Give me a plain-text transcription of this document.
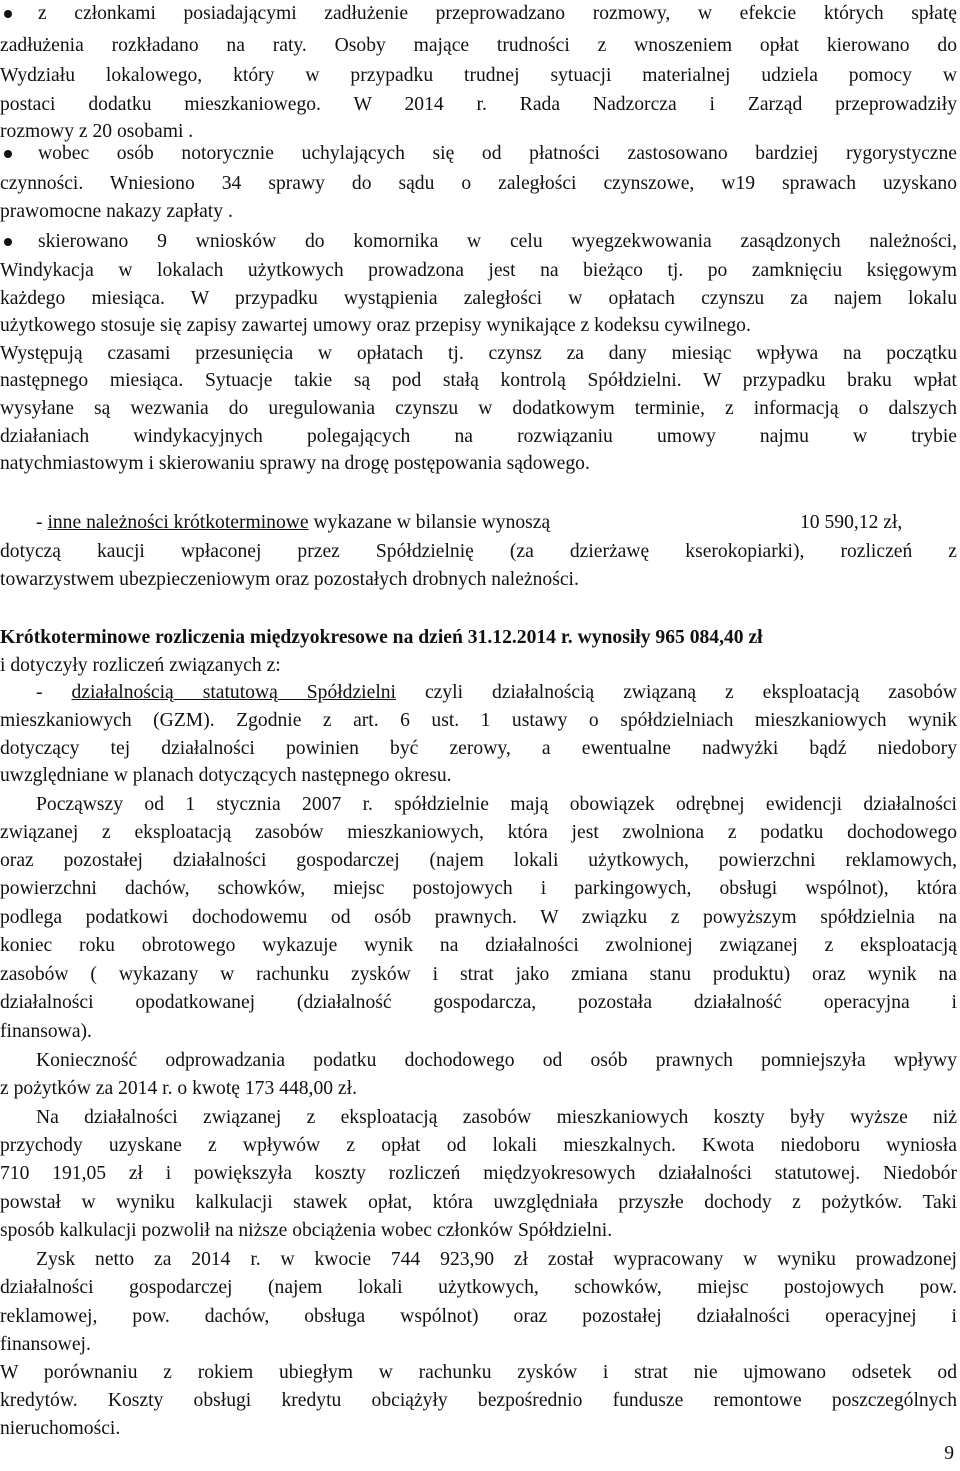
z członkami posiadającymi zadłużenie przeprowadzano rozmowy, w efekcie których spłatę
zadłużenia rozkładano na raty. Osoby mające trudności z wnoszeniem opłat kierowano do
Wydziału lokalowego, który w przypadku trudnej sytuacji materialnej udziela pomocy w
postaci dodatku mieszkaniowego. W 2014 r. Rada Nadzorcza i Zarząd przeprowadziły
rozmowy z 20 osobami .
wobec osób notorycznie uchylających się od płatności zastosowano bardziej rygorystyczne
czynności. Wniesiono 34 sprawy do sądu o zaległości czynszowe, w19 sprawach uzyskano
prawomocne nakazy zapłaty .
skierowano 9 wniosków do komornika w celu wyegzekwowania zasądzonych należności,
Windykacja w lokalach użytkowych prowadzona jest na bieżąco tj. po zamknięciu księgowym
każdego miesiąca. W przypadku wystąpienia zaległości w opłatach czynszu za najem lokalu
użytkowego stosuje się zapisy zawartej umowy oraz przepisy wynikające z kodeksu cywilnego.
Występują czasami przesunięcia w opłatach tj. czynsz za dany miesiąc wpływa na początku
następnego miesiąca. Sytuacje takie są pod stałą kontrolą Spółdzielni. W przypadku braku wpłat
wysyłane są wezwania do uregulowania czynszu w dodatkowym terminie, z informacją o dalszych
działaniach windykacyjnych polegających na rozwiązaniu umowy najmu w trybie
natychmiastowym i skierowaniu sprawy na drogę postępowania sądowego.
- inne należności krótkoterminowe wykazane w bilansie wynoszą	10 590,12 zł,
dotyczą kaucji wpłaconej przez Spółdzielnię (za dzierżawę kserokopiarki), rozliczeń z
towarzystwem ubezpieczeniowym oraz pozostałych drobnych należności.
Krótkoterminowe rozliczenia międzyokresowe na dzień 31.12.2014 r. wynosiły 965 084,40 zł
i dotyczyły rozliczeń związanych z:
- działalnością statutową Spółdzielni czyli działalnością związaną z eksploatacją zasobów
mieszkaniowych (GZM). Zgodnie z art. 6 ust. 1 ustawy o spółdzielniach mieszkaniowych wynik
dotyczący tej działalności powinien być zerowy, a ewentualne nadwyżki bądź niedobory
uwzględniane w planach dotyczących następnego okresu.
Począwszy od 1 stycznia 2007 r. spółdzielnie mają obowiązek odrębnej ewidencji działalności
związanej z eksploatacją zasobów mieszkaniowych, która jest zwolniona z podatku dochodowego
oraz pozostałej działalności gospodarczej (najem lokali użytkowych, powierzchni reklamowych,
powierzchni dachów, schowków, miejsc postojowych i parkingowych, obsługi wspólnot), która
podlega podatkowi dochodowemu od osób prawnych. W związku z powyższym spółdzielnia na
koniec roku obrotowego wykazuje wynik na działalności zwolnionej związanej z eksploatacją
zasobów ( wykazany w rachunku zysków i strat jako zmiana stanu produktu) oraz wynik na
działalności opodatkowanej (działalność gospodarcza, pozostała działalność operacyjna i
finansowa).
Konieczność odprowadzania podatku dochodowego od osób prawnych pomniejszyła wpływy
z pożytków za 2014 r. o kwotę 173 448,00 zł.
Na działalności związanej z eksploatacją zasobów mieszkaniowych koszty były wyższe niż
przychody uzyskane z wpływów z opłat od lokali mieszkalnych. Kwota niedoboru wyniosła
710 191,05 zł i powiększyła koszty rozliczeń międzyokresowych działalności statutowej. Niedobór
powstał w wyniku kalkulacji stawek opłat, która uwzględniała przyszłe dochody z pożytków. Taki
sposób kalkulacji pozwolił na niższe obciążenia wobec członków Spółdzielni.
Zysk netto za 2014 r. w kwocie 744 923,90 zł został wypracowany w wyniku prowadzonej
działalności gospodarczej (najem lokali użytkowych, schowków, miejsc postojowych pow.
reklamowej, pow. dachów, obsługa wspólnot) oraz pozostałej działalności operacyjnej i
finansowej.
W porównaniu z rokiem ubiegłym w rachunku zysków i strat nie ujmowano odsetek od
kredytów. Koszty obsługi kredytu obciążyły bezpośrednio fundusze remontowe poszczególnych
nieruchomości.
9
